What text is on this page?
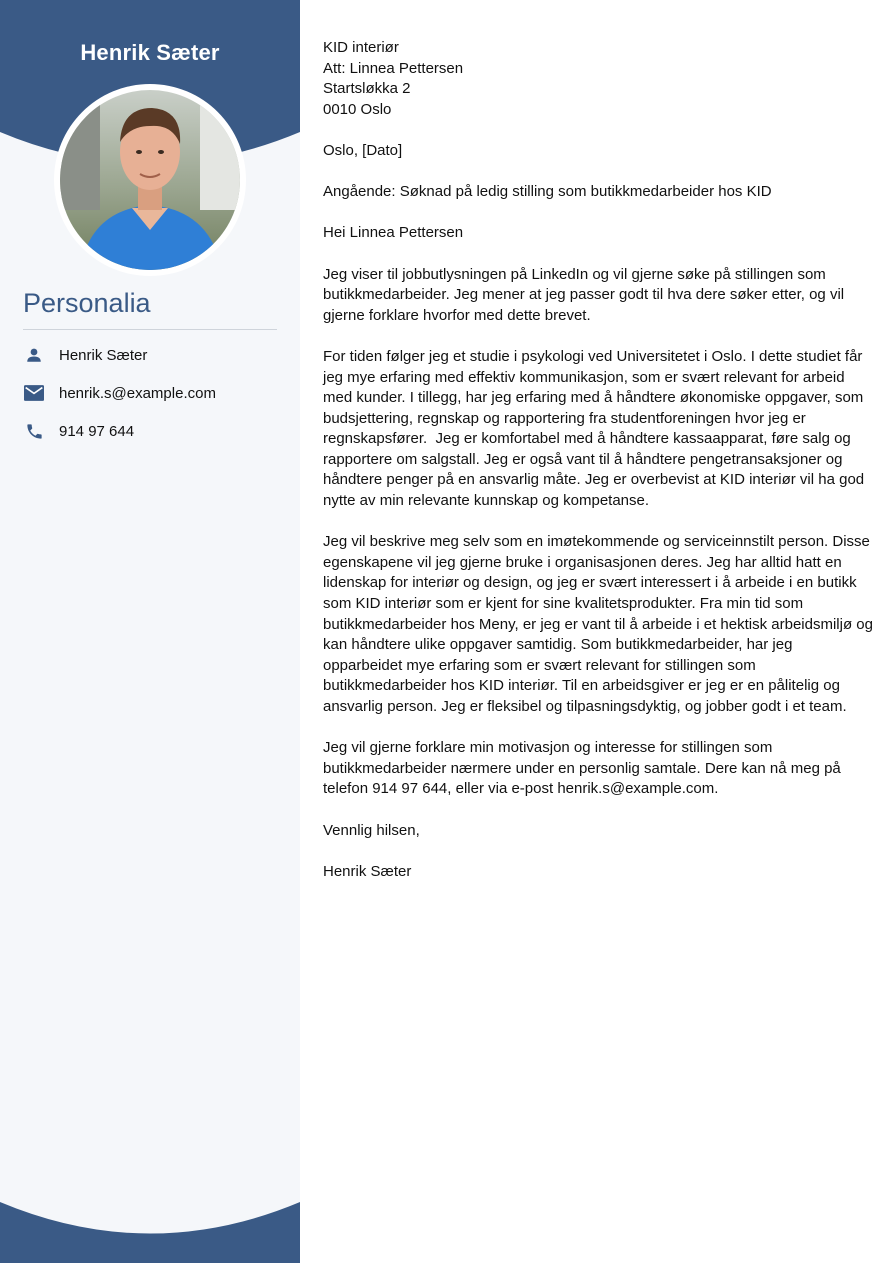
Henrik Sæter
Personalia
Henrik Sæter
henrik.s@example.com
914 97 644
KID interiør
Att: Linnea Pettersen
Startsløkka 2
0010 Oslo

Oslo, [Dato]

Angående: Søknad på ledig stilling som butikkmedarbeider hos KID

Hei Linnea Pettersen

Jeg viser til jobbutlysningen på LinkedIn og vil gjerne søke på stillingen som butikkmedarbeider. Jeg mener at jeg passer godt til hva dere søker etter, og vil gjerne forklare hvorfor med dette brevet.

For tiden følger jeg et studie i psykologi ved Universitetet i Oslo. I dette studiet får jeg mye erfaring med effektiv kommunikasjon, som er svært relevant for arbeid med kunder. I tillegg, har jeg erfaring med å håndtere økonomiske oppgaver, som budsjettering, regnskap og rapportering fra studentforeningen hvor jeg er regnskapsfører.  Jeg er komfortabel med å håndtere kassaapparat, føre salg og rapportere om salgstall. Jeg er også vant til å håndtere pengetransaksjoner og håndtere penger på en ansvarlig måte. Jeg er overbevist at KID interiør vil ha god nytte av min relevante kunnskap og kompetanse.

Jeg vil beskrive meg selv som en imøtekommende og serviceinnstilt person. Disse egenskapene vil jeg gjerne bruke i organisasjonen deres. Jeg har alltid hatt en lidenskap for interiør og design, og jeg er svært interessert i å arbeide i en butikk som KID interiør som er kjent for sine kvalitetsprodukter. Fra min tid som butikkmedarbeider hos Meny, er jeg er vant til å arbeide i et hektisk arbeidsmiljø og kan håndtere ulike oppgaver samtidig. Som butikkmedarbeider, har jeg opparbeidet mye erfaring som er svært relevant for stillingen som butikkmedarbeider hos KID interiør. Til en arbeidsgiver er jeg er en pålitelig og ansvarlig person. Jeg er fleksibel og tilpasningsdyktig, og jobber godt i et team.

Jeg vil gjerne forklare min motivasjon og interesse for stillingen som butikkmedarbeider nærmere under en personlig samtale. Dere kan nå meg på telefon 914 97 644, eller via e-post henrik.s@example.com.

Vennlig hilsen,

Henrik Sæter
